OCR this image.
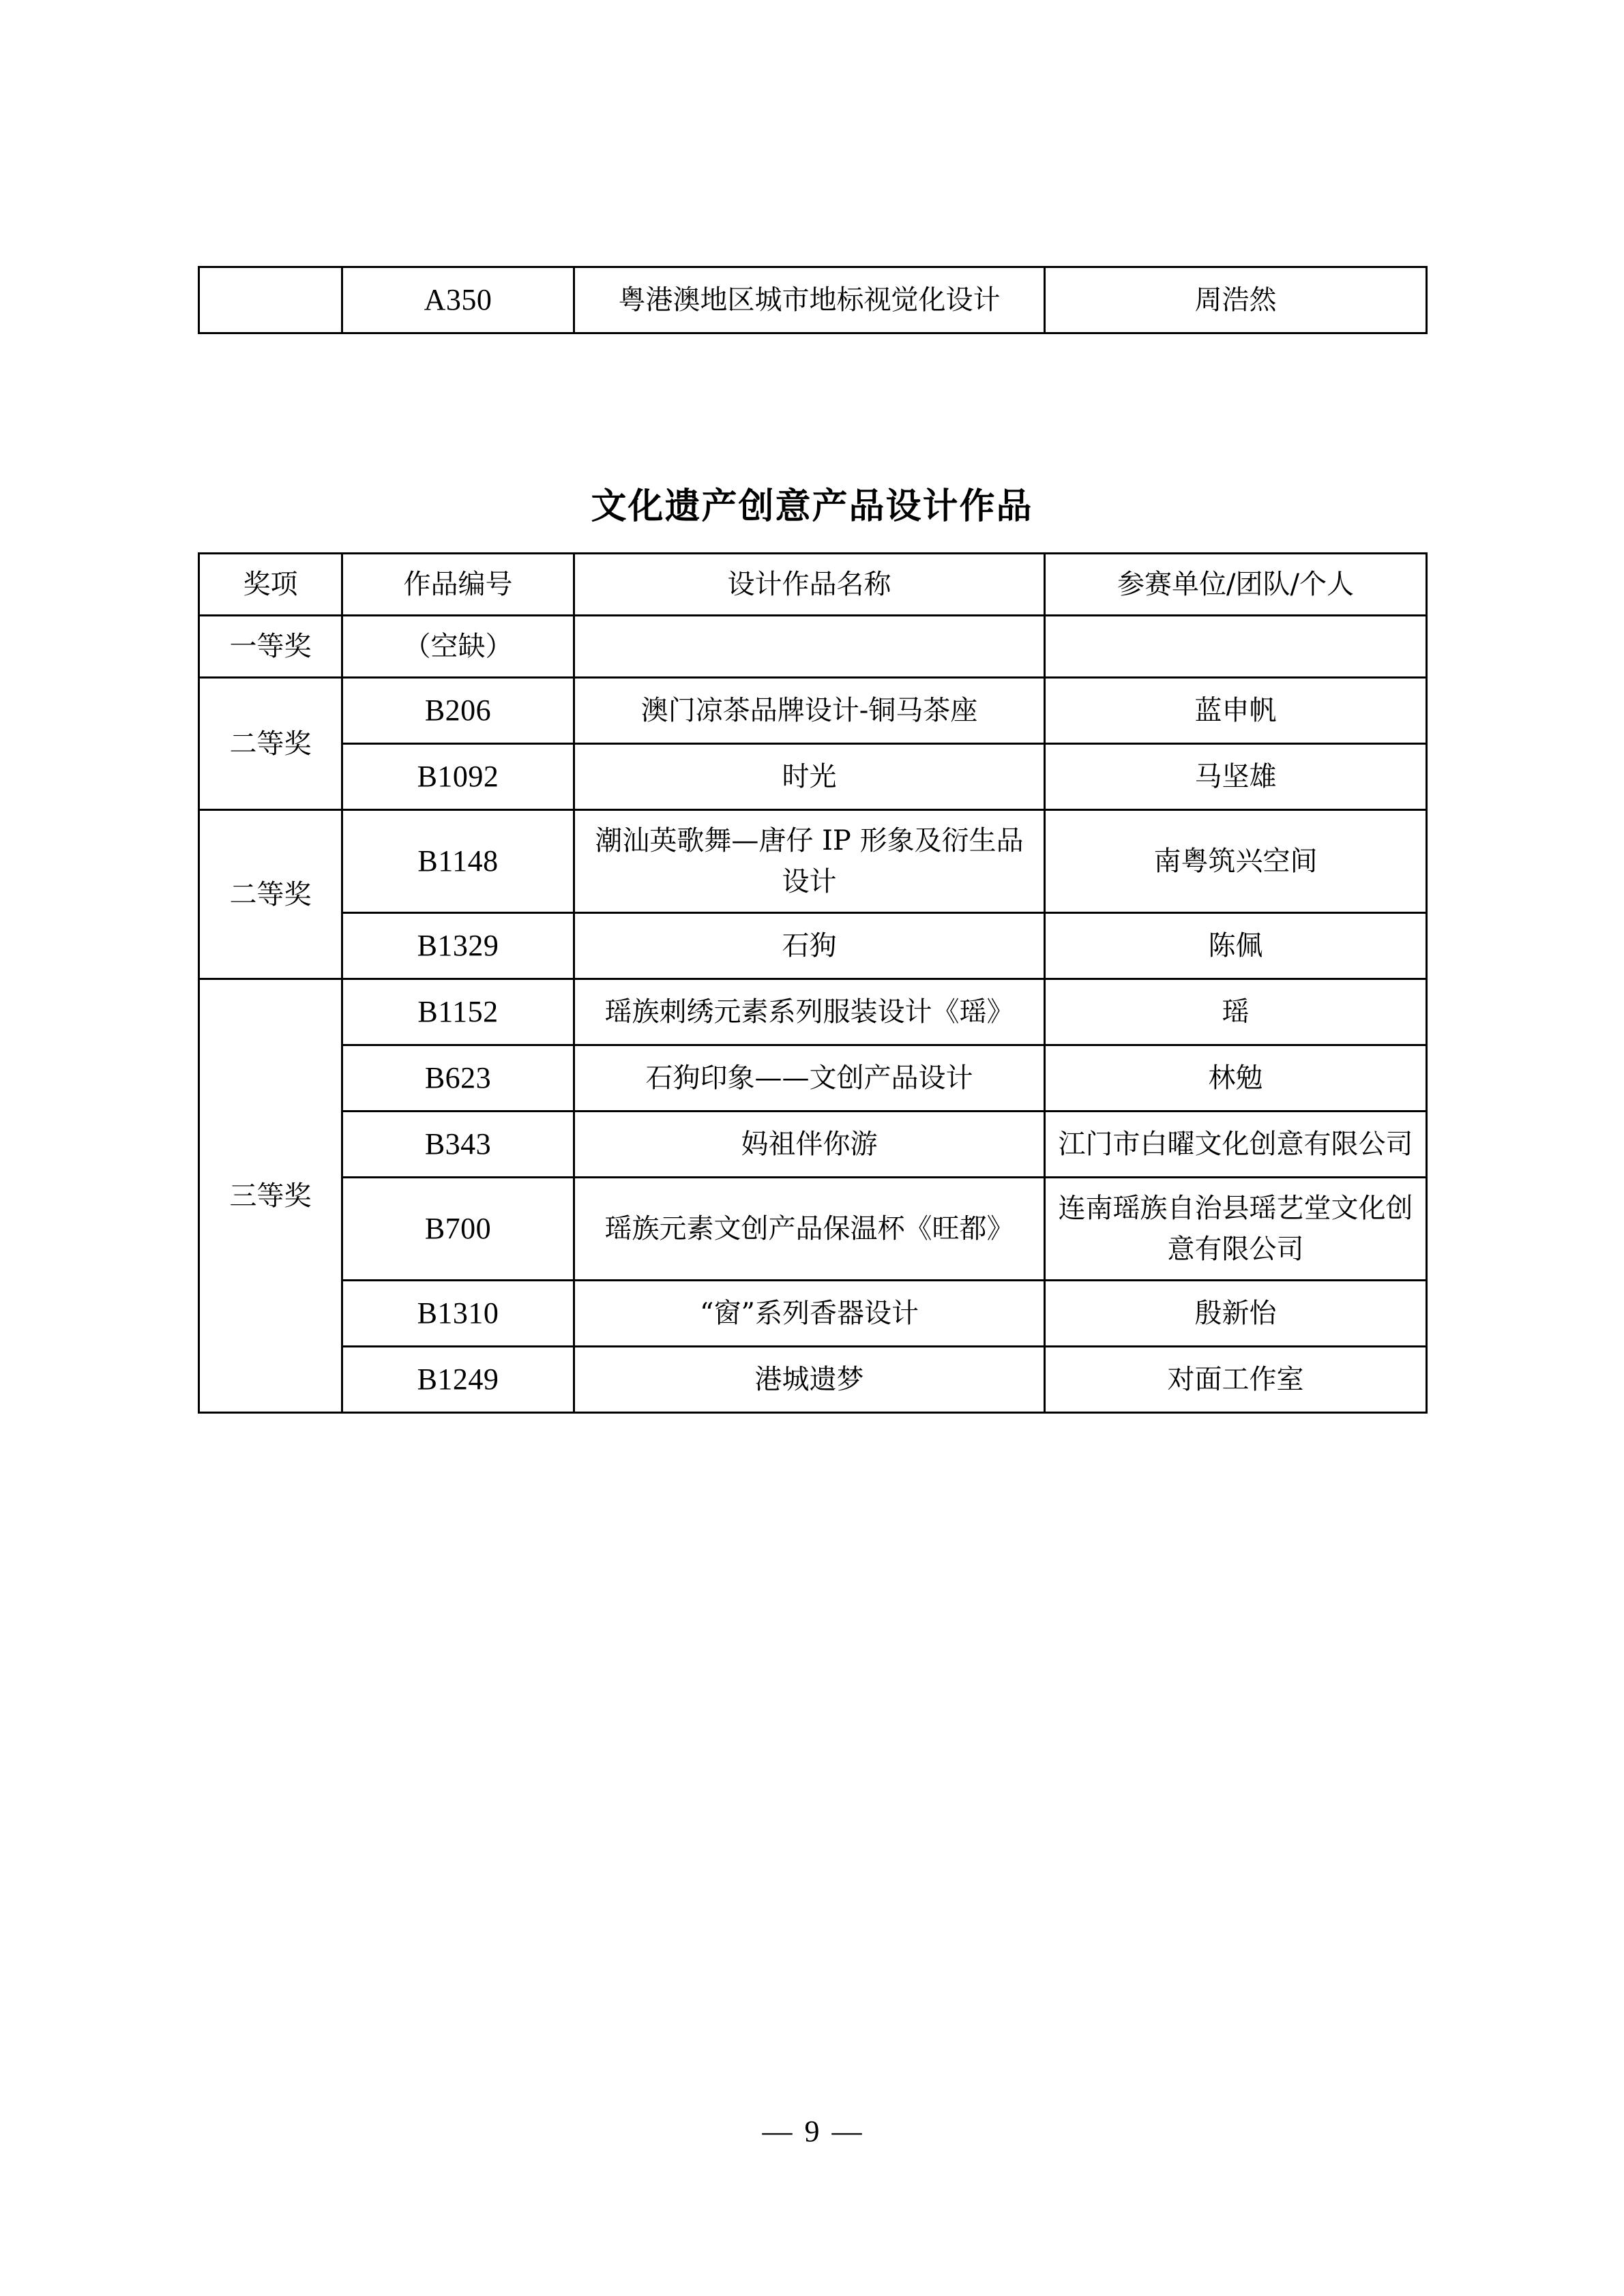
	A350	粤港澳地区城市地标视觉化设计	周浩然
文化遗产创意产品设计作品
奖项	作品编号	设计作品名称	参赛单位/团队/个人
一等奖	（空缺）		
二等奖	B206	澳门凉茶品牌设计-铜马茶座	蓝申帆
	B1092	时光	马坚雄
二等奖	B1148	潮汕英歌舞—唐仔 IP 形象及衍生品设计	南粤筑兴空间
	B1329	石狗	陈佩
三等奖	B1152	瑶族刺绣元素系列服装设计《瑶》	瑶
	B623	石狗印象——文创产品设计	林勉
	B343	妈祖伴你游	江门市白曜文化创意有限公司
	B700	瑶族元素文创产品保温杯《旺都》	连南瑶族自治县瑶艺堂文化创意有限公司
	B1310	“窗”系列香器设计	殷新怡
	B1249	港城遗梦	对面工作室
— 9 —
